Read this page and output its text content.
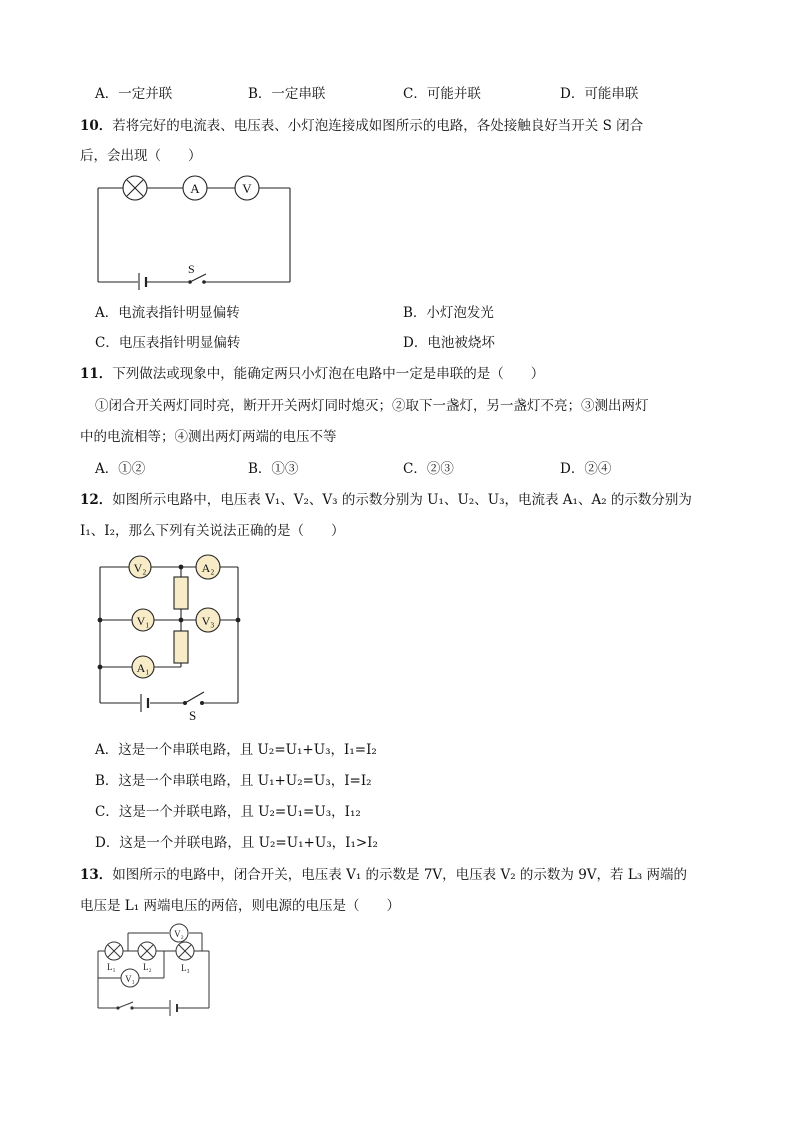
A．一定并联	B．一定串联	C．可能并联	D．可能串联
10．若将完好的电流表、电压表、小灯泡连接成如图所示的电路，各处接触良好当开关 S 闭合
后，会出现（　　）
A	V
S
A．电流表指针明显偏转	B．小灯泡发光
C．电压表指针明显偏转	D．电池被烧坏
11．下列做法或现象中，能确定两只小灯泡在电路中一定是串联的是（　　）
①闭合开关两灯同时亮，断开开关两灯同时熄灭；②取下一盏灯，另一盏灯不亮；③测出两灯
中的电流相等；④测出两灯两端的电压不等
A．①②	B．①③	C．②③	D．②④
12．如图所示电路中，电压表 V₁、V₂、V₃ 的示数分别为 U₁、U₂、U₃，电流表 A₁、A₂ 的示数分别为
I₁、I₂，那么下列有关说法正确的是（　　）
V₂	A₂
V₁	V₃
A₁
S
A．这是一个串联电路，且 U₂=U₁+U₃，I₁=I₂
B．这是一个串联电路，且 U₁+U₂=U₃，I=I₂
C．这是一个并联电路，且 U₂=U₁=U₃，I₁₂
D．这是一个并联电路，且 U₂=U₁+U₃，I₁>I₂
13．如图所示的电路中，闭合开关，电压表 V₁ 的示数是 7V，电压表 V₂ 的示数为 9V，若 L₃ 两端的
电压是 L₁ 两端电压的两倍，则电源的电压是（　　）
L₁	L₂	L₃
V₂
V₁
